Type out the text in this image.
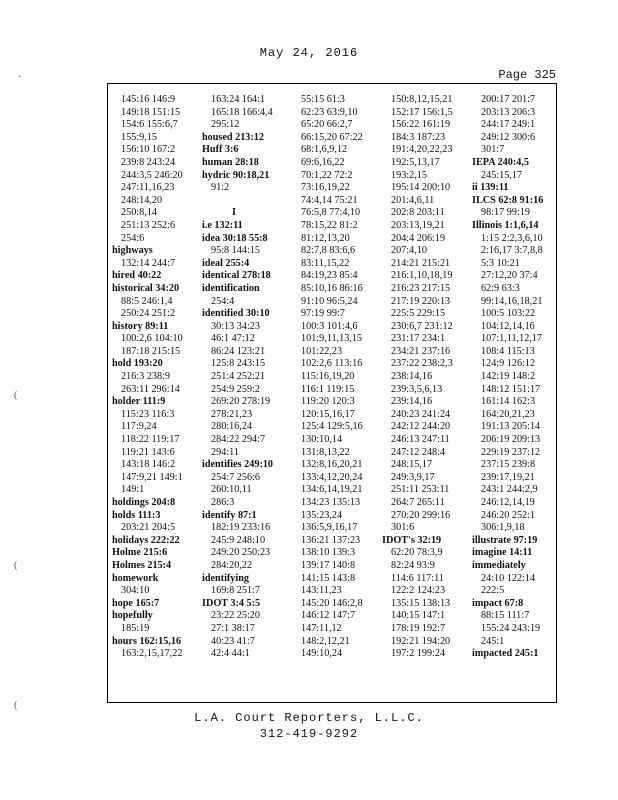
May 24, 2016
Page 325
145:16 146:9
149:18 151:15
154:6 155:6,7
155:9,15
156:10 167:2
239:8 243:24
244:3,5 246:20
247:11,16,23
248:14,20
250:8,14
251:13 252:6
254:6
highways
132:14 244:7
hired 40:22
historical 34:20
88:5 246:1,4
250:24 251:2
history 89:11
100:2,6 104:10
187:18 215:15
hold 193:20
216:3 238:9
263:11 296:14
holder 111:9
115:23 116:3
117:9,24
118:22 119:17
119:21 143:6
143:18 146:2
147:9,21 149:1
149:1
holdings 204:8
holds 111:3
203:21 204:5
holidays 222:22
Holme 215:6
Holmes 215:4
homework
304:10
hope 165:7
hopefully
185:19
hours 162:15,16
163:2,15,17,22
163:24 164:1
165:18 166:4,4
295:12
housed 213:12
Huff 3:6
human 28:18
hydric 90:18,21
91:2
I
i.e 132:11
idea 30:18 55:8
95:8 144:15
ideal 255:4
identical 278:18
identification
254:4
identified 30:10
30:13 34:23
46:1 47:12
86:24 123:21
125:8 243:15
251:4 252:21
254:9 259:2
269:20 278:19
278:21,23
280:16,24
284:22 294:7
294:11
identifies 249:10
254:7 256:6
260:10,11
286:3
identify 87:1
182:19 233:16
245:9 248:10
249:20 250:23
284:20,22
identifying
169:8 251:7
IDOT 3:4 5:5
23:22 25:20
27:1 38:17
40:23 41:7
42:4 44:1
55:15 61:3
62:23 63:9,10
65:20 66:2,7
66:15,20 67:22
68:1,6,9,12
69:6,16,22
70:1,22 72:2
73:16,19,22
74:4,14 75:21
76:5,8 77:4,10
78:15,22 81:2
81:12,13,20
82:7,8 83:6,6
83:11,15,22
84:19,23 85:4
85:10,16 86:16
91:10 96:5,24
97:19 99:7
100:3 101:4,6
101:9,11,13,15
101:22,23
102:2,6 113:16
115:16,19,20
116:1 119:15
119:20 120:3
120:15,16,17
125:4 129:5,16
130:10,14
131:8,13,22
132:8,16,20,21
133:4,12,20,24
134:6,14,19,21
134:23 135:13
135:23,24
136:5,9,16,17
136:21 137:23
138:10 139:3
139:17 140:8
141:15 143:8
143:11,23
145:20 146:2,8
146:12 147:7
147:11,12
148:2,12,21
149:10,24
150:8,12,15,21
152:17 156:1,5
156:22 161:19
184:3 187:23
191:4,20,22,23
192:5,13,17
193:2,15
195:14 200:10
201:4,6,11
202:8 203:11
203:13,19,21
204:4 206:19
207:4,10
214:21 215:21
216:1,10,18,19
216:23 217:15
217:19 220:13
225:5 229:15
230:6,7 231:12
231:17 234:1
234:21 237:16
237:22 238:2,3
238:14,16
239:3,5,6,13
239:14,16
240:23 241:24
242:12 244:20
246:13 247:11
247:12 248:4
248:15,17
249:3,9,17
251:11 253:11
264:7 265:11
270:20 299:16
301:6
IDOT's 32:19
62:20 78:3,9
82:24 93:9
114:6 117:11
122:2 124:23
135:15 138:13
140:15 147:1
178:19 192:7
192:21 194:20
197:2 199:24
200:17 201:7
203:13 206:3
244:17 249:1
249:12 300:6
301:7
IEPA 240:4,5
245:15,17
ii 139:11
ILCS 62:8 91:16
98:17 99:19
Illinois 1:1,6,14
1:15 2:2,3,6,10
2:16,17 3:7,8,8
5:3 10:21
27:12,20 37:4
62:9 63:3
99:14,16,18,21
100:5 103:22
104:12,14,16
107:1,11,12,17
108:4 115:13
124:9 126:12
142:19 148:2
148:12 151:17
161:14 162:3
164:20,21,23
191:13 205:14
206:19 209:13
229:19 237:12
237:15 239:8
239:17,19,21
243:1 244:2,9
246:12,14,19
246:20 252:1
306:1,9,18
illustrate 97:19
imagine 14:11
immediately
24:10 122:14
222:5
impact 67:8
88:15 111:7
155:24 243:19
245:1
impacted 245:1
L.A. Court Reporters, L.L.C.
312-419-9292
·
(
(
(
